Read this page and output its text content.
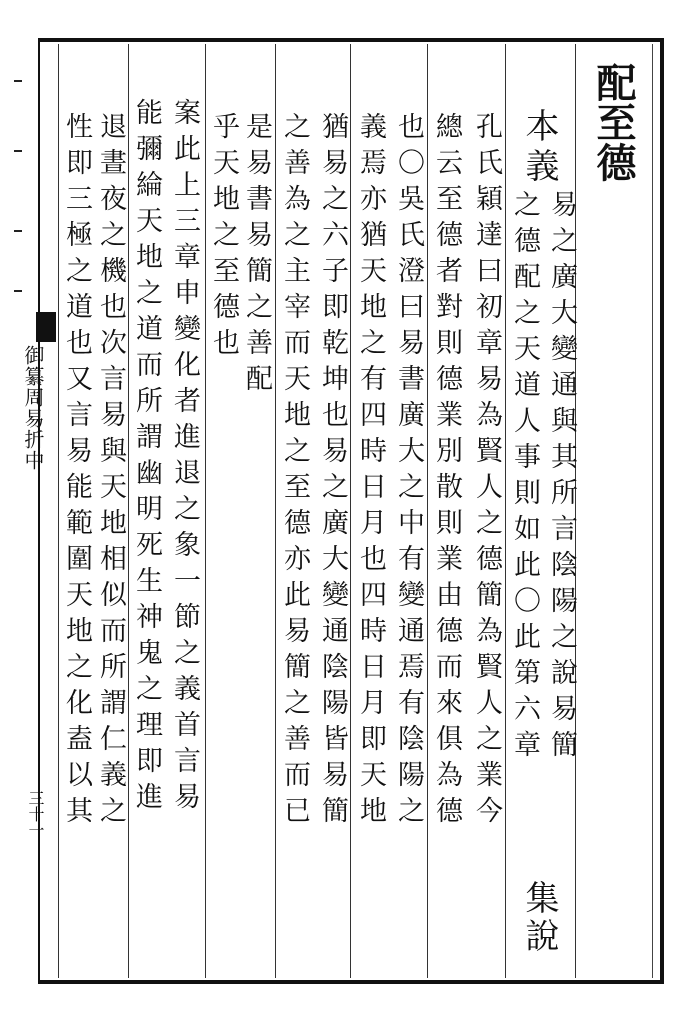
配至德
本
義
易之廣大變通與其所言陰陽之說易簡
之德配之天道人事則如此〇此第六章
集說
孔氏穎達曰初章易為賢人之德簡為賢人之業今
總云至德者對則德業別散則業由德而來俱為德
也〇吳氏澄曰易書廣大之中有變通焉有陰陽之
義焉亦猶天地之有四時日月也四時日月即天地
猶易之六子即乾坤也易之廣大變通陰陽皆易簡
之善為之主宰而天地之至德亦此易簡之善而已
是易書易簡之善配
乎天地之至德也
案此上三章申變化者進退之象一節之義首言易
能彌綸天地之道而所謂幽明死生神鬼之理即進
退晝夜之機也次言易與天地相似而所謂仁義之
性即三極之道也又言易能範圍天地之化盍以其
御纂周易折中
三十一
